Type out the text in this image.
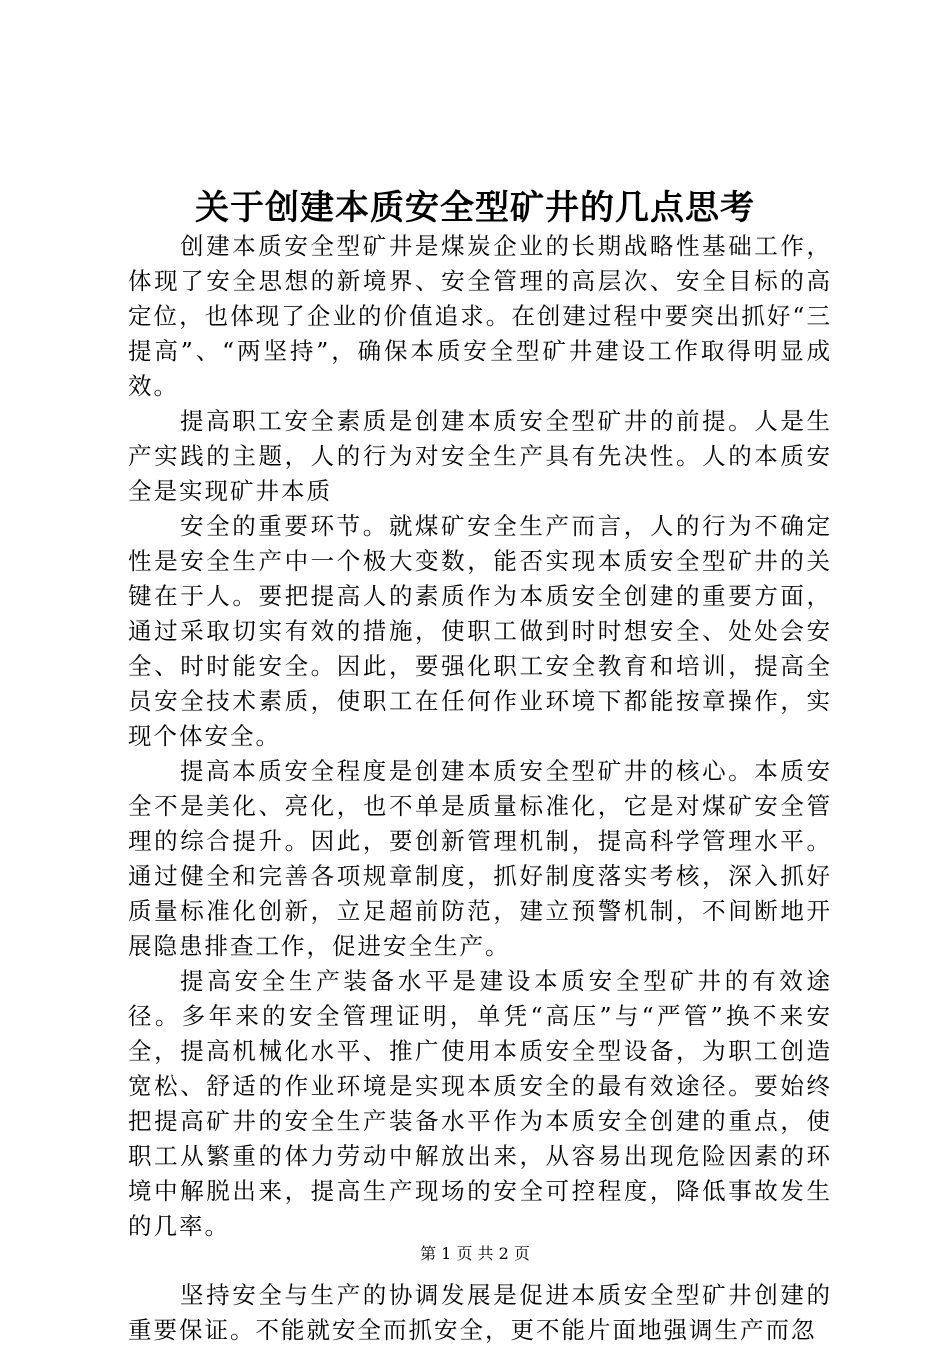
关于创建本质安全型矿井的几点思考

创建本质安全型矿井是煤炭企业的长期战略性基础工作，体现了安全思想的新境界、安全管理的高层次、安全目标的高定位，也体现了企业的价值追求。在创建过程中要突出抓好“三提高”、“两坚持”，确保本质安全型矿井建设工作取得明显成效。

提高职工安全素质是创建本质安全型矿井的前提。人是生产实践的主题，人的行为对安全生产具有先决性。人的本质安全是实现矿井本质

安全的重要环节。就煤矿安全生产而言，人的行为不确定性是安全生产中一个极大变数，能否实现本质安全型矿井的关键在于人。要把提高人的素质作为本质安全创建的重要方面，通过采取切实有效的措施，使职工做到时时想安全、处处会安全、时时能安全。因此，要强化职工安全教育和培训，提高全员安全技术素质，使职工在任何作业环境下都能按章操作，实现个体安全。

提高本质安全程度是创建本质安全型矿井的核心。本质安全不是美化、亮化，也不单是质量标准化，它是对煤矿安全管理的综合提升。因此，要创新管理机制，提高科学管理水平。通过健全和完善各项规章制度，抓好制度落实考核，深入抓好质量标准化创新，立足超前防范，建立预警机制，不间断地开展隐患排查工作，促进安全生产。

提高安全生产装备水平是建设本质安全型矿井的有效途径。多年来的安全管理证明，单凭“高压”与“严管”换不来安全，提高机械化水平、推广使用本质安全型设备，为职工创造宽松、舒适的作业环境是实现本质安全的最有效途径。要始终把提高矿井的安全生产装备水平作为本质安全创建的重点，使职工从繁重的体力劳动中解放出来，从容易出现危险因素的环境中解脱出来，提高生产现场的安全可控程度，降低事故发生的几率。

坚持安全与生产的协调发展是促进本质安全型矿井创建的重要保证。不能就安全而抓安全，更不能片面地强调生产而忽

第 1 页 共 2 页
